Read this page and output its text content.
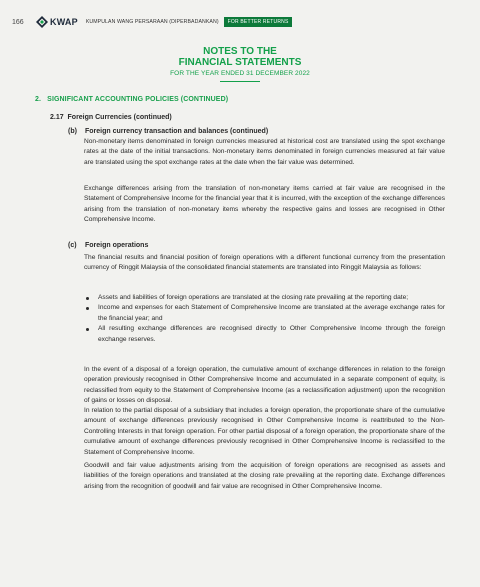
166	KWAP KUMPULAN WANG PERSARAAN (DIPERBADANKAN)	FOR BETTER RETURNS
NOTES TO THE
FINANCIAL STATEMENTS
FOR THE YEAR ENDED 31 DECEMBER 2022
2.   SIGNIFICANT ACCOUNTING POLICIES (CONTINUED)
2.17  Foreign Currencies (continued)
(b) Foreign currency transaction and balances (continued)

Non-monetary items denominated in foreign currencies measured at historical cost are translated using the spot exchange rates at the date of the initial transactions. Non-monetary items denominated in foreign currencies measured at fair value are translated using the spot exchange rates at the date when the fair value was determined.

Exchange differences arising from the translation of non-monetary items carried at fair value are recognised in the Statement of Comprehensive Income for the financial year that it is incurred, with the exception of the exchange differences arising from the translation of non-monetary items whereby the respective gains and losses are recognised in Other Comprehensive Income.

(c) Foreign operations

The financial results and financial position of foreign operations with a different functional currency from the presentation currency of Ringgit Malaysia of the consolidated financial statements are translated into Ringgit Malaysia as follows:

Assets and liabilities of foreign operations are translated at the closing rate prevailing at the reporting date;
Income and expenses for each Statement of Comprehensive Income are translated at the average exchange rates for the financial year; and
All resulting exchange differences are recognised directly to Other Comprehensive Income through the foreign exchange reserves.

In the event of a disposal of a foreign operation, the cumulative amount of exchange differences in relation to the foreign operation previously recognised in Other Comprehensive Income and accumulated in a separate component of equity, is reclassified from equity to the Statement of Comprehensive Income (as a reclassification adjustment) upon the recognition of gains or losses on disposal.

In relation to the partial disposal of a subsidiary that includes a foreign operation, the proportionate share of the cumulative amount of exchange differences previously recognised in Other Comprehensive Income is reattributed to the Non-Controlling Interests in that foreign operation. For other partial disposal of a foreign operation, the proportionate share of the cumulative amount of exchange differences previously recognised in Other Comprehensive Income is reclassified to the Statement of Comprehensive Income.

Goodwill and fair value adjustments arising from the acquisition of foreign operations are recognised as assets and liabilities of the foreign operations and translated at the closing rate prevailing at the reporting date. Exchange differences arising from the recognition of goodwill and fair value are recognised in Other Comprehensive Income.
